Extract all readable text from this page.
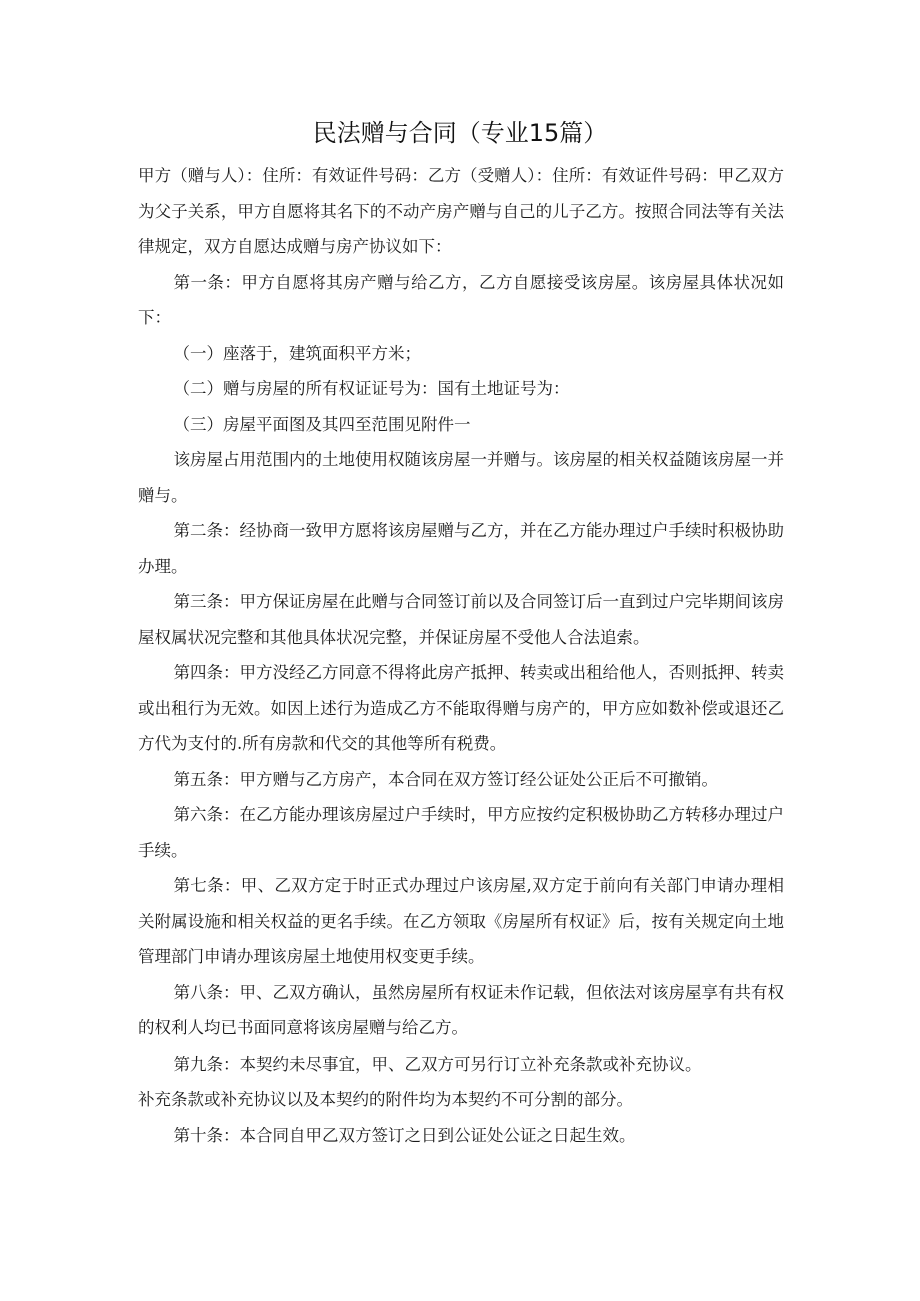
民法赠与合同（专业15篇）

甲方（赠与人）：住所：有效证件号码：乙方（受赠人）：住所：有效证件号码：甲乙双方为父子关系，甲方自愿将其名下的不动产房产赠与自己的儿子乙方。按照合同法等有关法律规定，双方自愿达成赠与房产协议如下：

第一条：甲方自愿将其房产赠与给乙方，乙方自愿接受该房屋。该房屋具体状况如下：

（一）座落于，建筑面积平方米；

（二）赠与房屋的所有权证证号为：国有土地证号为：

（三）房屋平面图及其四至范围见附件一

该房屋占用范围内的土地使用权随该房屋一并赠与。该房屋的相关权益随该房屋一并赠与。

第二条：经协商一致甲方愿将该房屋赠与乙方，并在乙方能办理过户手续时积极协助办理。

第三条：甲方保证房屋在此赠与合同签订前以及合同签订后一直到过户完毕期间该房屋权属状况完整和其他具体状况完整，并保证房屋不受他人合法追索。

第四条：甲方没经乙方同意不得将此房产抵押、转卖或出租给他人，否则抵押、转卖或出租行为无效。如因上述行为造成乙方不能取得赠与房产的，甲方应如数补偿或退还乙方代为支付的.所有房款和代交的其他等所有税费。

第五条：甲方赠与乙方房产，本合同在双方签订经公证处公正后不可撤销。

第六条：在乙方能办理该房屋过户手续时，甲方应按约定积极协助乙方转移办理过户手续。

第七条：甲、乙双方定于时正式办理过户该房屋,双方定于前向有关部门申请办理相关附属设施和相关权益的更名手续。在乙方领取《房屋所有权证》后，按有关规定向土地管理部门申请办理该房屋土地使用权变更手续。

第八条：甲、乙双方确认，虽然房屋所有权证未作记载，但依法对该房屋享有共有权的权利人均已书面同意将该房屋赠与给乙方。

第九条：本契约未尽事宜，甲、乙双方可另行订立补充条款或补充协议。

补充条款或补充协议以及本契约的附件均为本契约不可分割的部分。

第十条：本合同自甲乙双方签订之日到公证处公证之日起生效。
